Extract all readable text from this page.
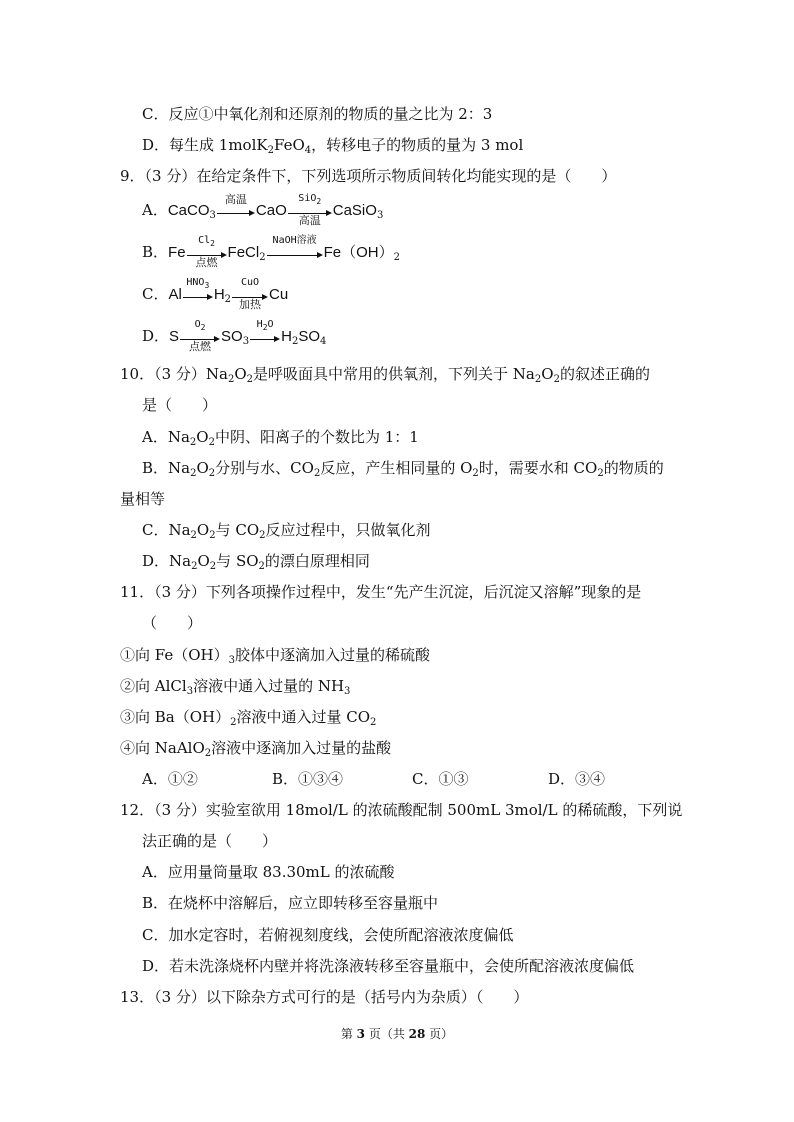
C．反应①中氧化剂和还原剂的物质的量之比为 2：3
D．每生成 1molK$_2$FeO$_4$，转移电子的物质的量为 3 mol
9．（3 分）在给定条件下，下列选项所示物质间转化均能实现的是（　　）
A．CaCO$_3$
高温
CaO
SiO$_2$
高温
CaSiO$_3$
B．Fe
$Cl_2$
点燃
FeCl$_2$
NaOH溶液
$Fe(OH)_2$
C．Al
$HNO_3$
$H_2$
CuO
加热
Cu
D．S
$O_2$
点燃
$SO_3$
$H_2O$
$H_2SO_4$
10．（3 分）$Na_2O_2$是呼吸面具中常用的供氧剂，下列关于 $Na_2O_2$的叙述正确的
是（　　）
A．$Na_2O_2$中阴、阳离子的个数比为 1：1
B．$Na_2O_2$分别与水、$CO_2$反应，产生相同量的 $O_2$时，需要水和 $CO_2$的物质的
量相等
C．$Na_2O_2$与 $CO_2$反应过程中，只做氧化剂
D．$Na_2O_2$与 $SO_2$的漂白原理相同
11．（3 分）下列各项操作过程中，发生“先产生沉淀，后沉淀又溶解”现象的是
（　　）
①向 $Fe(OH)_3$胶体中逐滴加入过量的稀硫酸
②向 AlCl$_3$溶液中通入过量的 $NH_3$
③向 $Ba(OH)_2$溶液中通入过量 $CO_2$
④向 NaAlO$_2$溶液中逐滴加入过量的盐酸
A．①②	B．①③④	C．①③	D．③④
12．（3 分）实验室欲用 18mol/L 的浓硫酸配制 500mL 3mol/L 的稀硫酸，下列说
法正确的是（　　）
A．应用量筒量取 83.30mL 的浓硫酸
B．在烧杯中溶解后，应立即转移至容量瓶中
C．加水定容时，若俯视刻度线，会使所配溶液浓度偏低
D．若未洗涤烧杯内壁并将洗涤液转移至容量瓶中，会使所配溶液浓度偏低
13．（3 分）以下除杂方式可行的是（括号内为杂质）（　　）
第 3 页（共 28 页）
